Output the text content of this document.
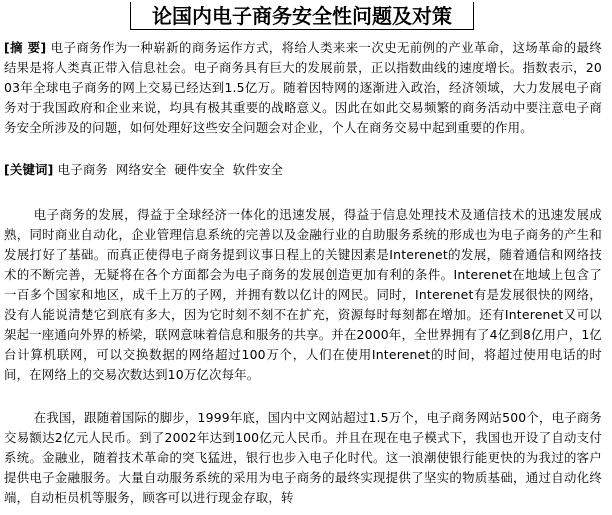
论国内电子商务安全性问题及对策

[摘 要] 电子商务作为一种崭新的商务运作方式，将给人类来来一次史无前例的产业革命，这场革命的最终结果是将人类真正带入信息社会。电子商务具有巨大的发展前景，正以指数曲线的速度增长。指数表示，2003年全球电子商务的网上交易已经达到1.5亿万。随着因特网的逐渐进入政治，经济领域，大力发展电子商务对于我国政府和企业来说，均具有极其重要的战略意义。因此在如此交易频繁的商务活动中要注意电子商务安全所涉及的问题，如何处理好这些安全问题会对企业，个人在商务交易中起到重要的作用。

[关键词] 电子商务 网络安全 硬件安全 软件安全

电子商务的发展，得益于全球经济一体化的迅速发展，得益于信息处理技术及通信技术的迅速发展成熟，同时商业自动化，企业管理信息系统的完善以及金融行业的自助服务系统的形成也为电子商务的产生和发展打好了基础。而真正使得电子商务提到议事日程上的关键因素是Interenet的发展，随着通信和网络技术的不断完善，无疑将在各个方面都会为电子商务的发展创造更加有利的条件。Interenet在地域上包含了一百多个国家和地区，成千上万的子网，并拥有数以亿计的网民。同时，Interenet有是发展很快的网络，没有人能说清楚它到底有多大，因为它时刻不刻不在扩充，资源每时每刻都在增加。还有Interenet又可以架起一座通向外界的桥梁，联网意味着信息和服务的共享。并在2000年，全世界拥有了4亿到8亿用户，1亿台计算机联网，可以交换数据的网络超过100万个，人们在使用Interenet的时间，将超过使用电话的时间，在网络上的交易次数达到10万亿次每年。

在我国，跟随着国际的脚步，1999年底，国内中文网站超过1.5万个，电子商务网站500个，电子商务交易额达2亿元人民币。到了2002年达到100亿元人民币。并且在现在电子模式下，我国也开设了自动支付系统。金融业，随着技术革命的突飞猛进，银行也步入电子化时代。这一浪潮使银行能更快的为我过的客户提供电子金融服务。大量自动服务系统的采用为电子商务的最终实现提供了坚实的物质基础，通过自动化终端，自动柜员机等服务，顾客可以进行现金存取，转
